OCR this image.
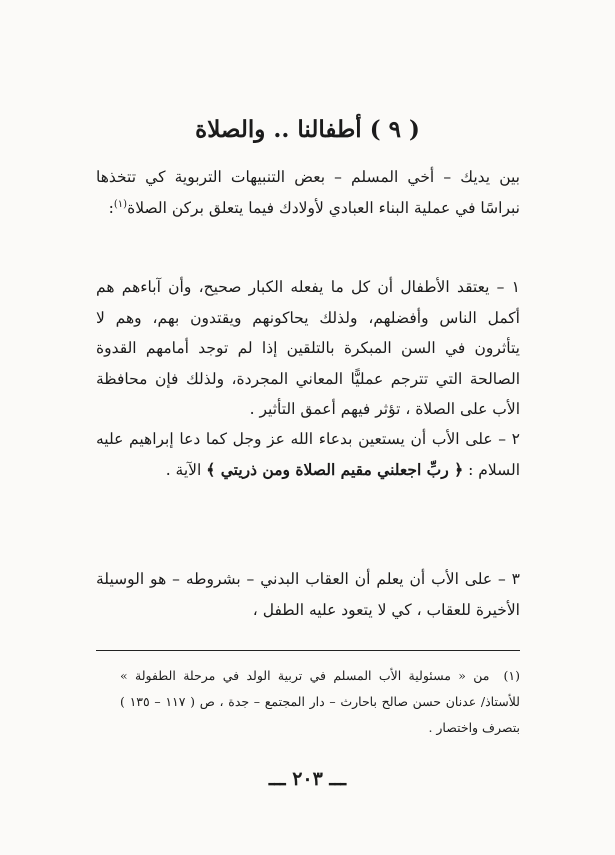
( ٩ ) أطفالنا .. والصلاة

بين يديك – أخي المسلم – بعض التنبيهات التربوية كي تتخذها نبراسًا في عملية البناء العبادي لأولادك فيما يتعلق بركن الصلاة$^{(١)}$:

١ – يعتقد الأطفال أن كل ما يفعله الكبار صحيح، وأن آباءهم هم أكمل الناس وأفضلهم، ولذلك يحاكونهم ويقتدون بهم، وهم لا يتأثرون في السن المبكرة بالتلقين إذا لم توجد أمامهم القدوة الصالحة التي تترجم عمليًّا المعاني المجردة، ولذلك فإن محافظة الأب على الصلاة ، تؤثر فيهم أعمق التأثير .

٢ – على الأب أن يستعين بدعاء الله عز وجل كما دعا إبراهيم عليه السلام : ﴿ ربِّ اجعلني مقيم الصلاة ومن ذريتي ﴾ الآية .

٣ – على الأب أن يعلم أن العقاب البدني – بشروطه – هو الوسيلة الأخيرة للعقاب ، كي لا يتعود عليه الطفل ،

(١)من « مسئولية الأب المسلم في تربية الولد في مرحلة الطفولة » للأستاذ/ عدنان حسن صالح باحارث – دار المجتمع – جدة ، ص ( ١١٧ – ١٣٥ ) بتصرف واختصار .
ـــ ٢٠٣ ـــ
